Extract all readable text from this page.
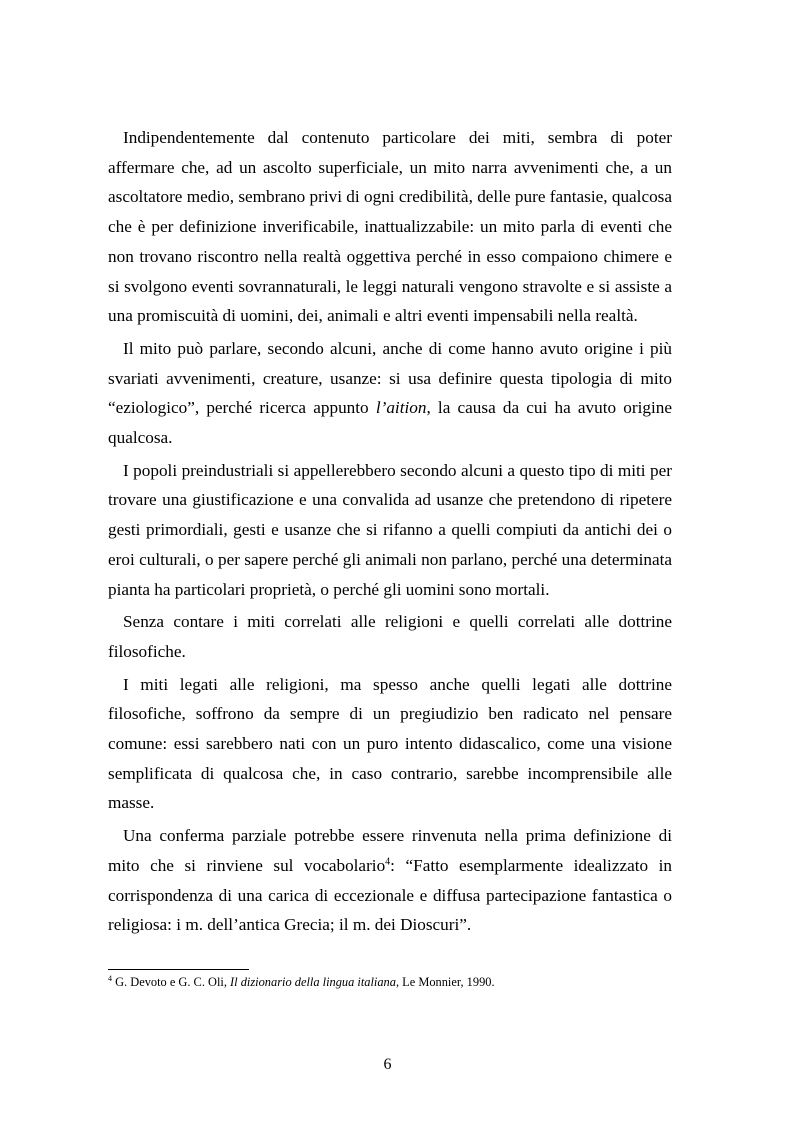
Indipendentemente dal contenuto particolare dei miti, sembra di poter affermare che, ad un ascolto superficiale, un mito narra avvenimenti che, a un ascoltatore medio, sembrano privi di ogni credibilità, delle pure fantasie, qualcosa che è per definizione inverificabile, inattualizzabile: un mito parla di eventi che non trovano riscontro nella realtà oggettiva perché in esso compaiono chimere e si svolgono eventi sovrannaturali, le leggi naturali vengono stravolte e si assiste a una promiscuità di uomini, dei, animali e altri eventi impensabili nella realtà.

Il mito può parlare, secondo alcuni, anche di come hanno avuto origine i più svariati avvenimenti, creature, usanze: si usa definire questa tipologia di mito “eziologico”, perché ricerca appunto l’aition, la causa da cui ha avuto origine qualcosa.

I popoli preindustriali si appellerebbero secondo alcuni a questo tipo di miti per trovare una giustificazione e una convalida ad usanze che pretendono di ripetere gesti primordiali, gesti e usanze che si rifanno a quelli compiuti da antichi dei o eroi culturali, o per sapere perché gli animali non parlano, perché una determinata pianta ha particolari proprietà, o perché gli uomini sono mortali.

Senza contare i miti correlati alle religioni e quelli correlati alle dottrine filosofiche.

I miti legati alle religioni, ma spesso anche quelli legati alle dottrine filosofiche, soffrono da sempre di un pregiudizio ben radicato nel pensare comune: essi sarebbero nati con un puro intento didascalico, come una visione semplificata di qualcosa che, in caso contrario, sarebbe incomprensibile alle masse.

Una conferma parziale potrebbe essere rinvenuta nella prima definizione di mito che si rinviene sul vocabolario$^4$: “Fatto esemplarmente idealizzato in corrispondenza di una carica di eccezionale e diffusa partecipazione fantastica o religiosa: i m. dell’antica Grecia; il m. dei Dioscuri”.

$^4$ G. Devoto e G. C. Oli, Il dizionario della lingua italiana, Le Monnier, 1990.

6
